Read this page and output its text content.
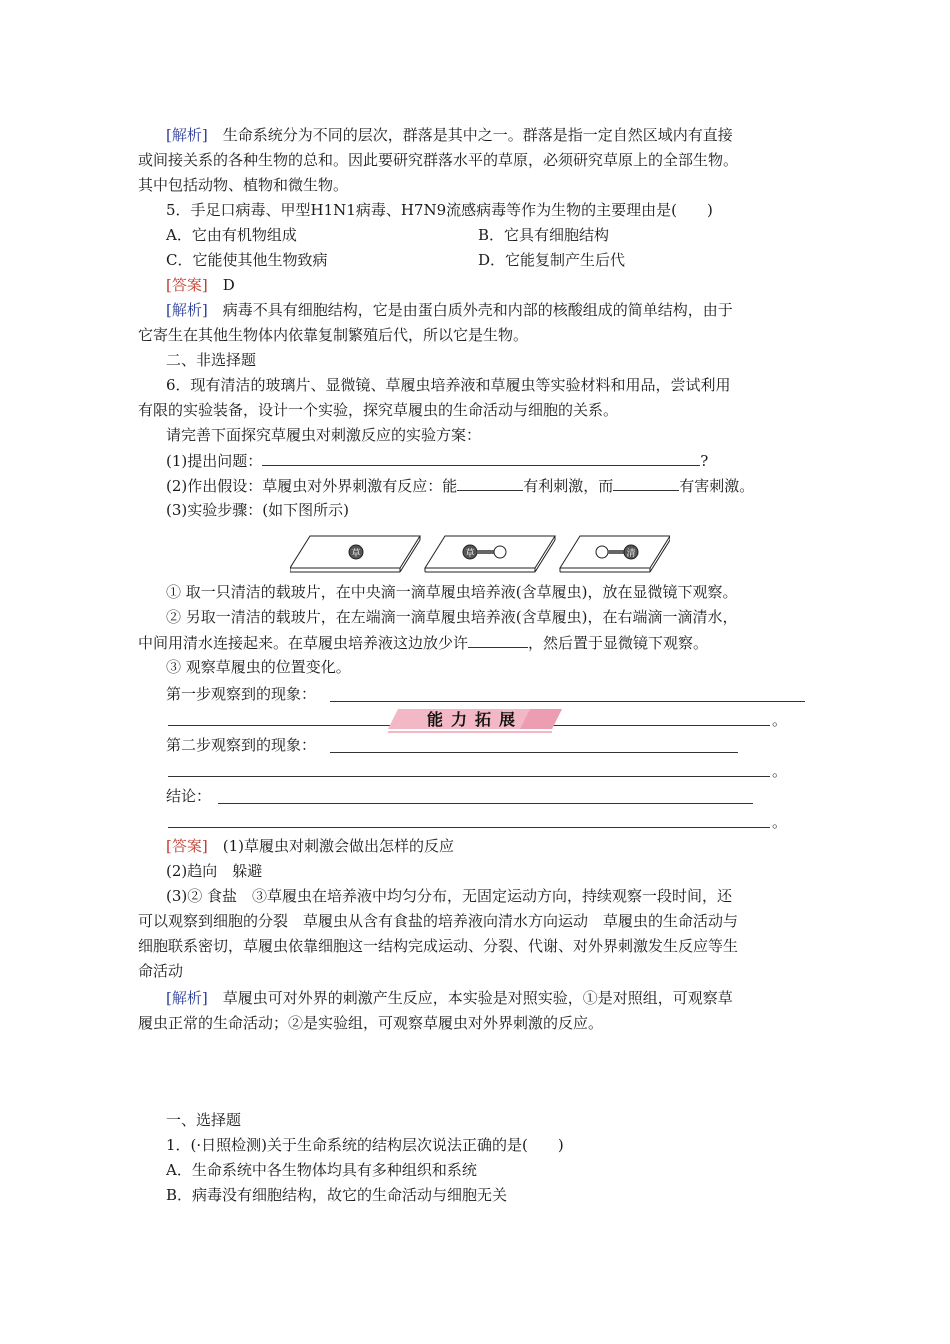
[解析]　 生命系统分为不同的层次，群落是其中之一。群落是指一定自然区域内有直接
或间接关系的各种生物的总和。因此要研究群落水平的草原，必须研究草原上的全部生物。
其中包括动物、植物和微生物。
5．手足口病毒、甲型H1N1病毒、H7N9流感病毒等作为生物的主要理由是(　　)
A．它由有机物组成	B．它具有细胞结构
C．它能使其他生物致病	D．它能复制产生后代
[答案]　 D
[解析]　 病毒不具有细胞结构，它是由蛋白质外壳和内部的核酸组成的简单结构，由于
它寄生在其他生物体内依靠复制繁殖后代，所以它是生物。
二、非选择题
6．现有清洁的玻璃片、显微镜、草履虫培养液和草履虫等实验材料和用品，尝试利用
有限的实验装备，设计一个实验，探究草履虫的生命活动与细胞的关系。
请完善下面探究草履虫对刺激反应的实验方案：
(1)提出问题：	?
(2)作出假设：草履虫对外界刺激有反应：能	有利刺激，而	有害刺激。
(3)实验步骤：(如下图所示)
草	草	清
① 取一只清洁的载玻片，在中央滴一滴草履虫培养液(含草履虫)，放在显微镜下观察。
② 另取一清洁的载玻片，在左端滴一滴草履虫培养液(含草履虫)，在右端滴一滴清水，
中间用清水连接起来。在草履虫培养液这边放少许	，然后置于显微镜下观察。
③ 观察草履虫的位置变化。
第一步观察到的现象：
。
第二步观察到的现象：
。
结论：
。
[答案]　 (1)草履虫对刺激会做出怎样的反应
(2)趋向　躲避
(3)② 食盐　③草履虫在培养液中均匀分布，无固定运动方向，持续观察一段时间，还
可以观察到细胞的分裂　草履虫从含有食盐的培养液向清水方向运动　草履虫的生命活动与
细胞联系密切，草履虫依靠细胞这一结构完成运动、分裂、代谢、对外界刺激发生反应等生
命活动
[解析]　 草履虫可对外界的刺激产生反应，本实验是对照实验，①是对照组，可观察草
履虫正常的生命活动；②是实验组，可观察草履虫对外界刺激的反应。
能力拓展
一、选择题
1．(·日照检测)关于生命系统的结构层次说法正确的是(　　)
A．生命系统中各生物体均具有多种组织和系统
B．病毒没有细胞结构，故它的生命活动与细胞无关
